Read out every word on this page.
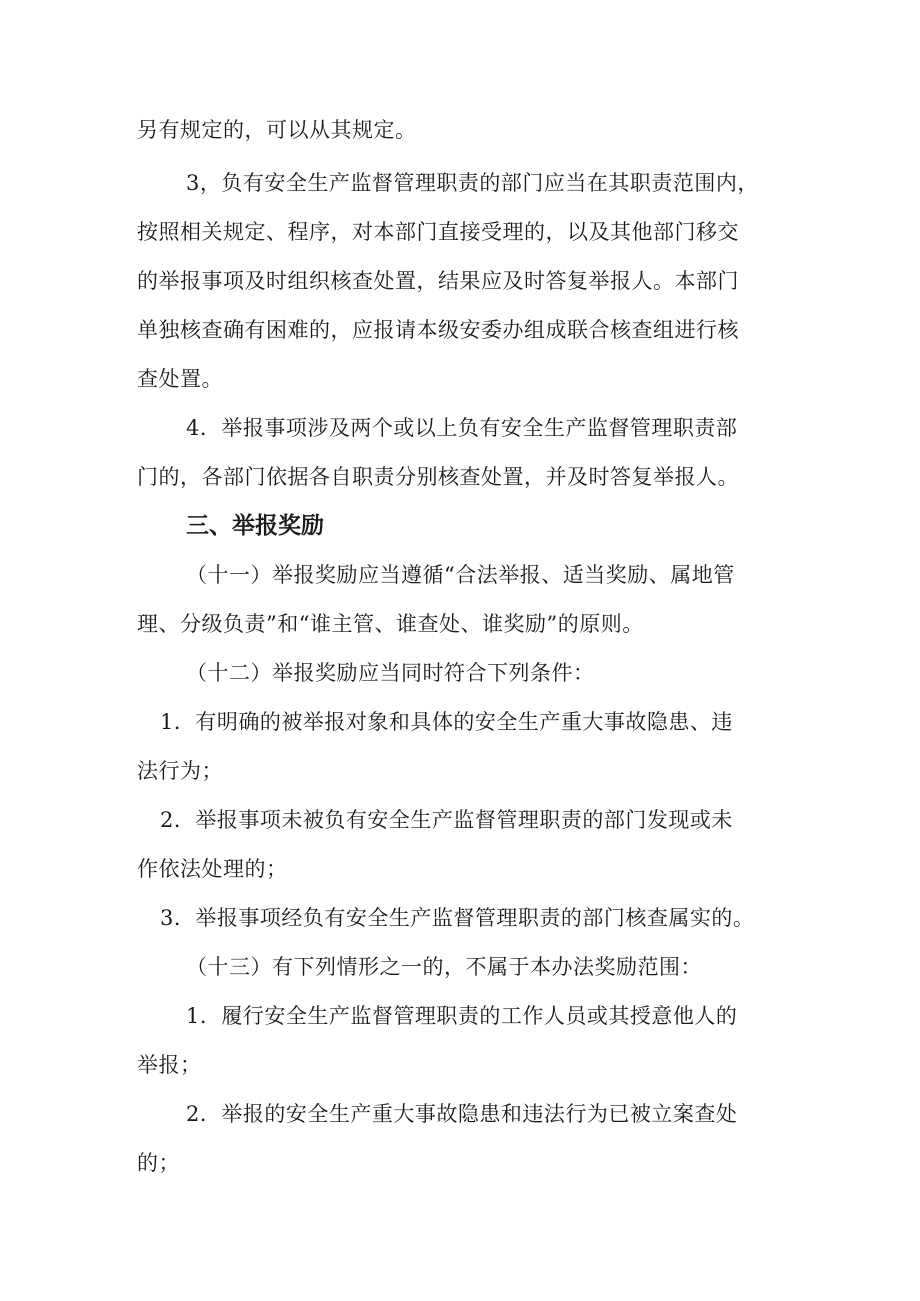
另有规定的，可以从其规定。
3，负有安全生产监督管理职责的部门应当在其职责范围内，
按照相关规定、程序，对本部门直接受理的，以及其他部门移交
的举报事项及时组织核查处置，结果应及时答复举报人。本部门
单独核查确有困难的，应报请本级安委办组成联合核查组进行核
查处置。
4．举报事项涉及两个或以上负有安全生产监督管理职责部
门的，各部门依据各自职责分别核查处置，并及时答复举报人。
三、举报奖励
（十一）举报奖励应当遵循“合法举报、适当奖励、属地管
理、分级负责”和“谁主管、谁查处、谁奖励”的原则。
（十二）举报奖励应当同时符合下列条件：
1．有明确的被举报对象和具体的安全生产重大事故隐患、违
法行为；
2．举报事项未被负有安全生产监督管理职责的部门发现或未
作依法处理的；
3．举报事项经负有安全生产监督管理职责的部门核查属实的。
（十三）有下列情形之一的，不属于本办法奖励范围：
1．履行安全生产监督管理职责的工作人员或其授意他人的
举报；
2．举报的安全生产重大事故隐患和违法行为已被立案查处
的；
